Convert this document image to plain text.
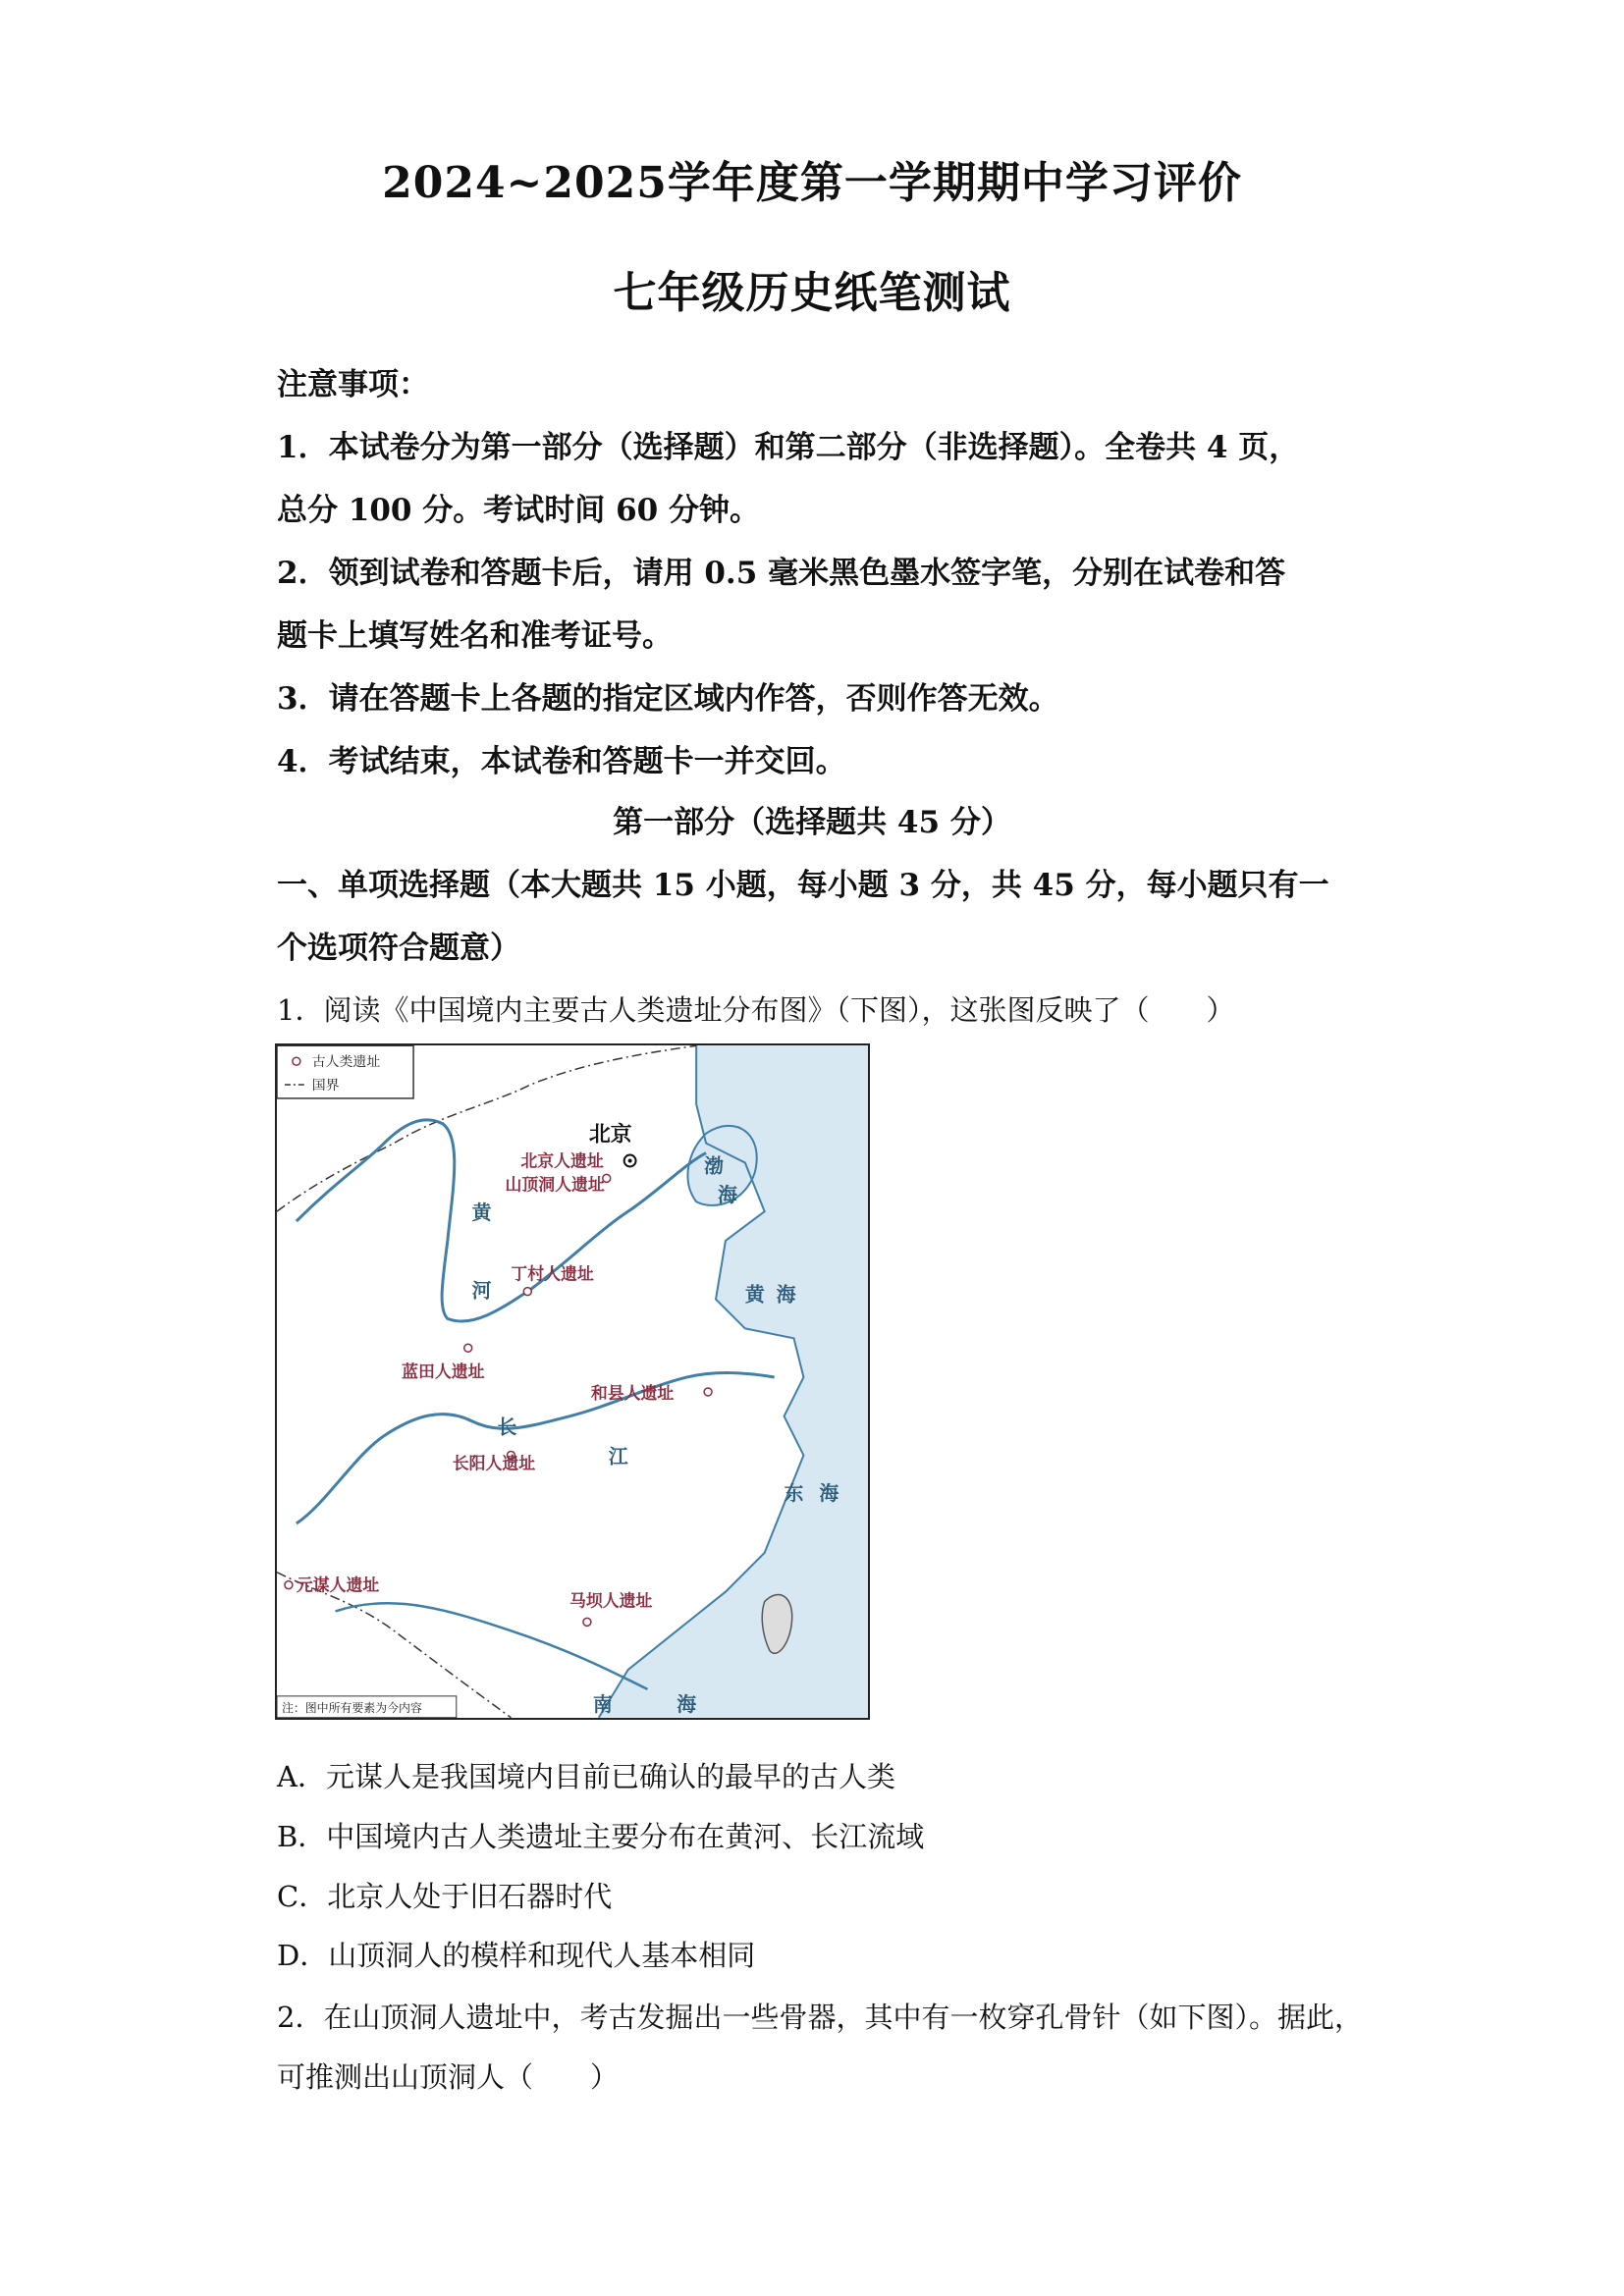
2024~2025学年度第一学期期中学习评价
七年级历史纸笔测试
注意事项：
1．本试卷分为第一部分（选择题）和第二部分（非选择题）。全卷共 4 页，
总分 100 分。考试时间 60 分钟。
2．领到试卷和答题卡后，请用 0.5 毫米黑色墨水签字笔，分别在试卷和答
题卡上填写姓名和准考证号。
3．请在答题卡上各题的指定区域内作答，否则作答无效。
4．考试结束，本试卷和答题卡一并交回。
第一部分（选择题共 45 分）
一、单项选择题（本大题共 15 小题，每小题 3 分，共 45 分，每小题只有一
个选项符合题意）
1．阅读《中国境内主要古人类遗址分布图》（下图），这张图反映了（　　）
古人类遗址
国界
北京
北京人遗址
山顶洞人遗址
丁村人遗址
蓝田人遗址
和县人遗址
长阳人遗址
元谋人遗址
马坝人遗址
渤
海
黄
河	黄 海
长
江
东 海
南	海
注：图中所有要素为今内容
A．元谋人是我国境内目前已确认的最早的古人类
B．中国境内古人类遗址主要分布在黄河、长江流域
C．北京人处于旧石器时代
D．山顶洞人的模样和现代人基本相同
2．在山顶洞人遗址中，考古发掘出一些骨器，其中有一枚穿孔骨针（如下图）。据此，
可推测出山顶洞人（　　）
